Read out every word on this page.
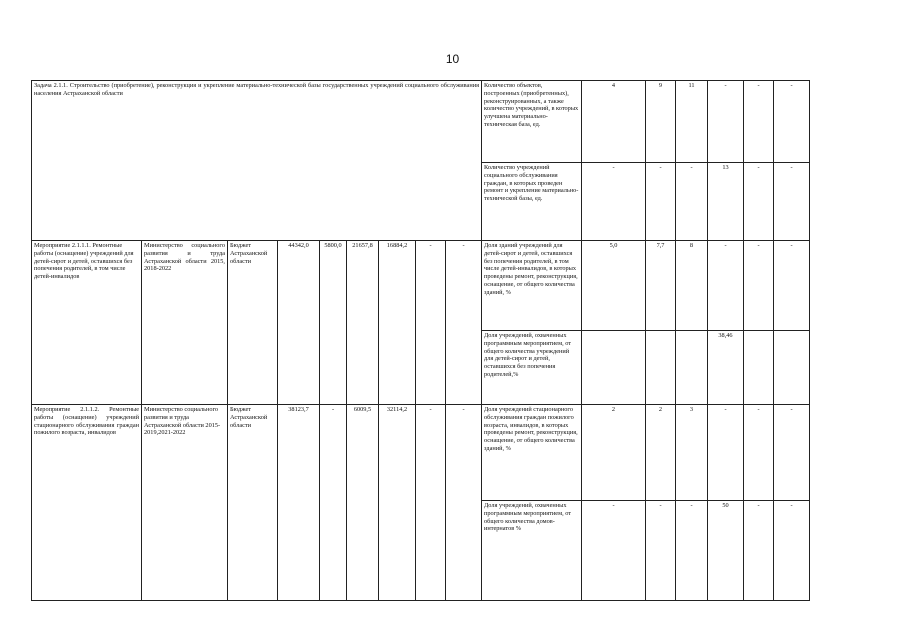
10
Задача 2.1.1. Строительство (приобретение), реконструкция и укрепление материально-технической базы государственных учреждений социального обслуживания населения Астраханской области									Количество объектов, построенных (приобретенных), реконструированных, а также количество учреждений, в которых улучшена материально- техническая база, ед.	4	9	11	-	-	-
									Количество учреждений социального обслуживания граждан, в которых проведен ремонт и укрепление материально-технической базы, ед.	-	-	-	13	-	-
Мероприятие 2.1.1.1. Ремонтные работы (оснащение) учреждений для детей-сирот и детей, оставшихся без попечения родителей, в том числе детей-инвалидов	Министерство социального развития и труда Астраханской области 2015, 2018-2022	Бюджет Астраханской области	44342,0	5800,0	21657,8	16884,2	-	-	Доля зданий учреждений для детей-сирот и детей, оставшихся без попечения родителей, в том числе детей-инвалидов, в которых проведены ремонт, реконструкция, оснащение, от общего количества зданий, %	5,0	7,7	8	-	-	-
									Доля учреждений, охваченных программным мероприятием, от общего количества учреждений для детей-сирот и детей, оставшихся без попечения родителей,%				38,46		
Мероприятие 2.1.1.2. Ремонтные работы (оснащение) учреждений стационарного обслуживания граждан пожилого возраста, инвалидов	Министерство социального развития и труда Астраханской области 2015-2019,2021-2022	Бюджет Астраханской области	38123,7	-	6009,5	32114,2	-	-	Доля учреждений стационарного обслуживания граждан пожилого возраста, инвалидов, в которых проведены ремонт, реконструкция, оснащение, от общего количества зданий, %	2	2	3	-	-	-
									Доля учреждений, охваченных программным мероприятием, от общего количества домов-интернатов %	-	-	-	50	-	-
